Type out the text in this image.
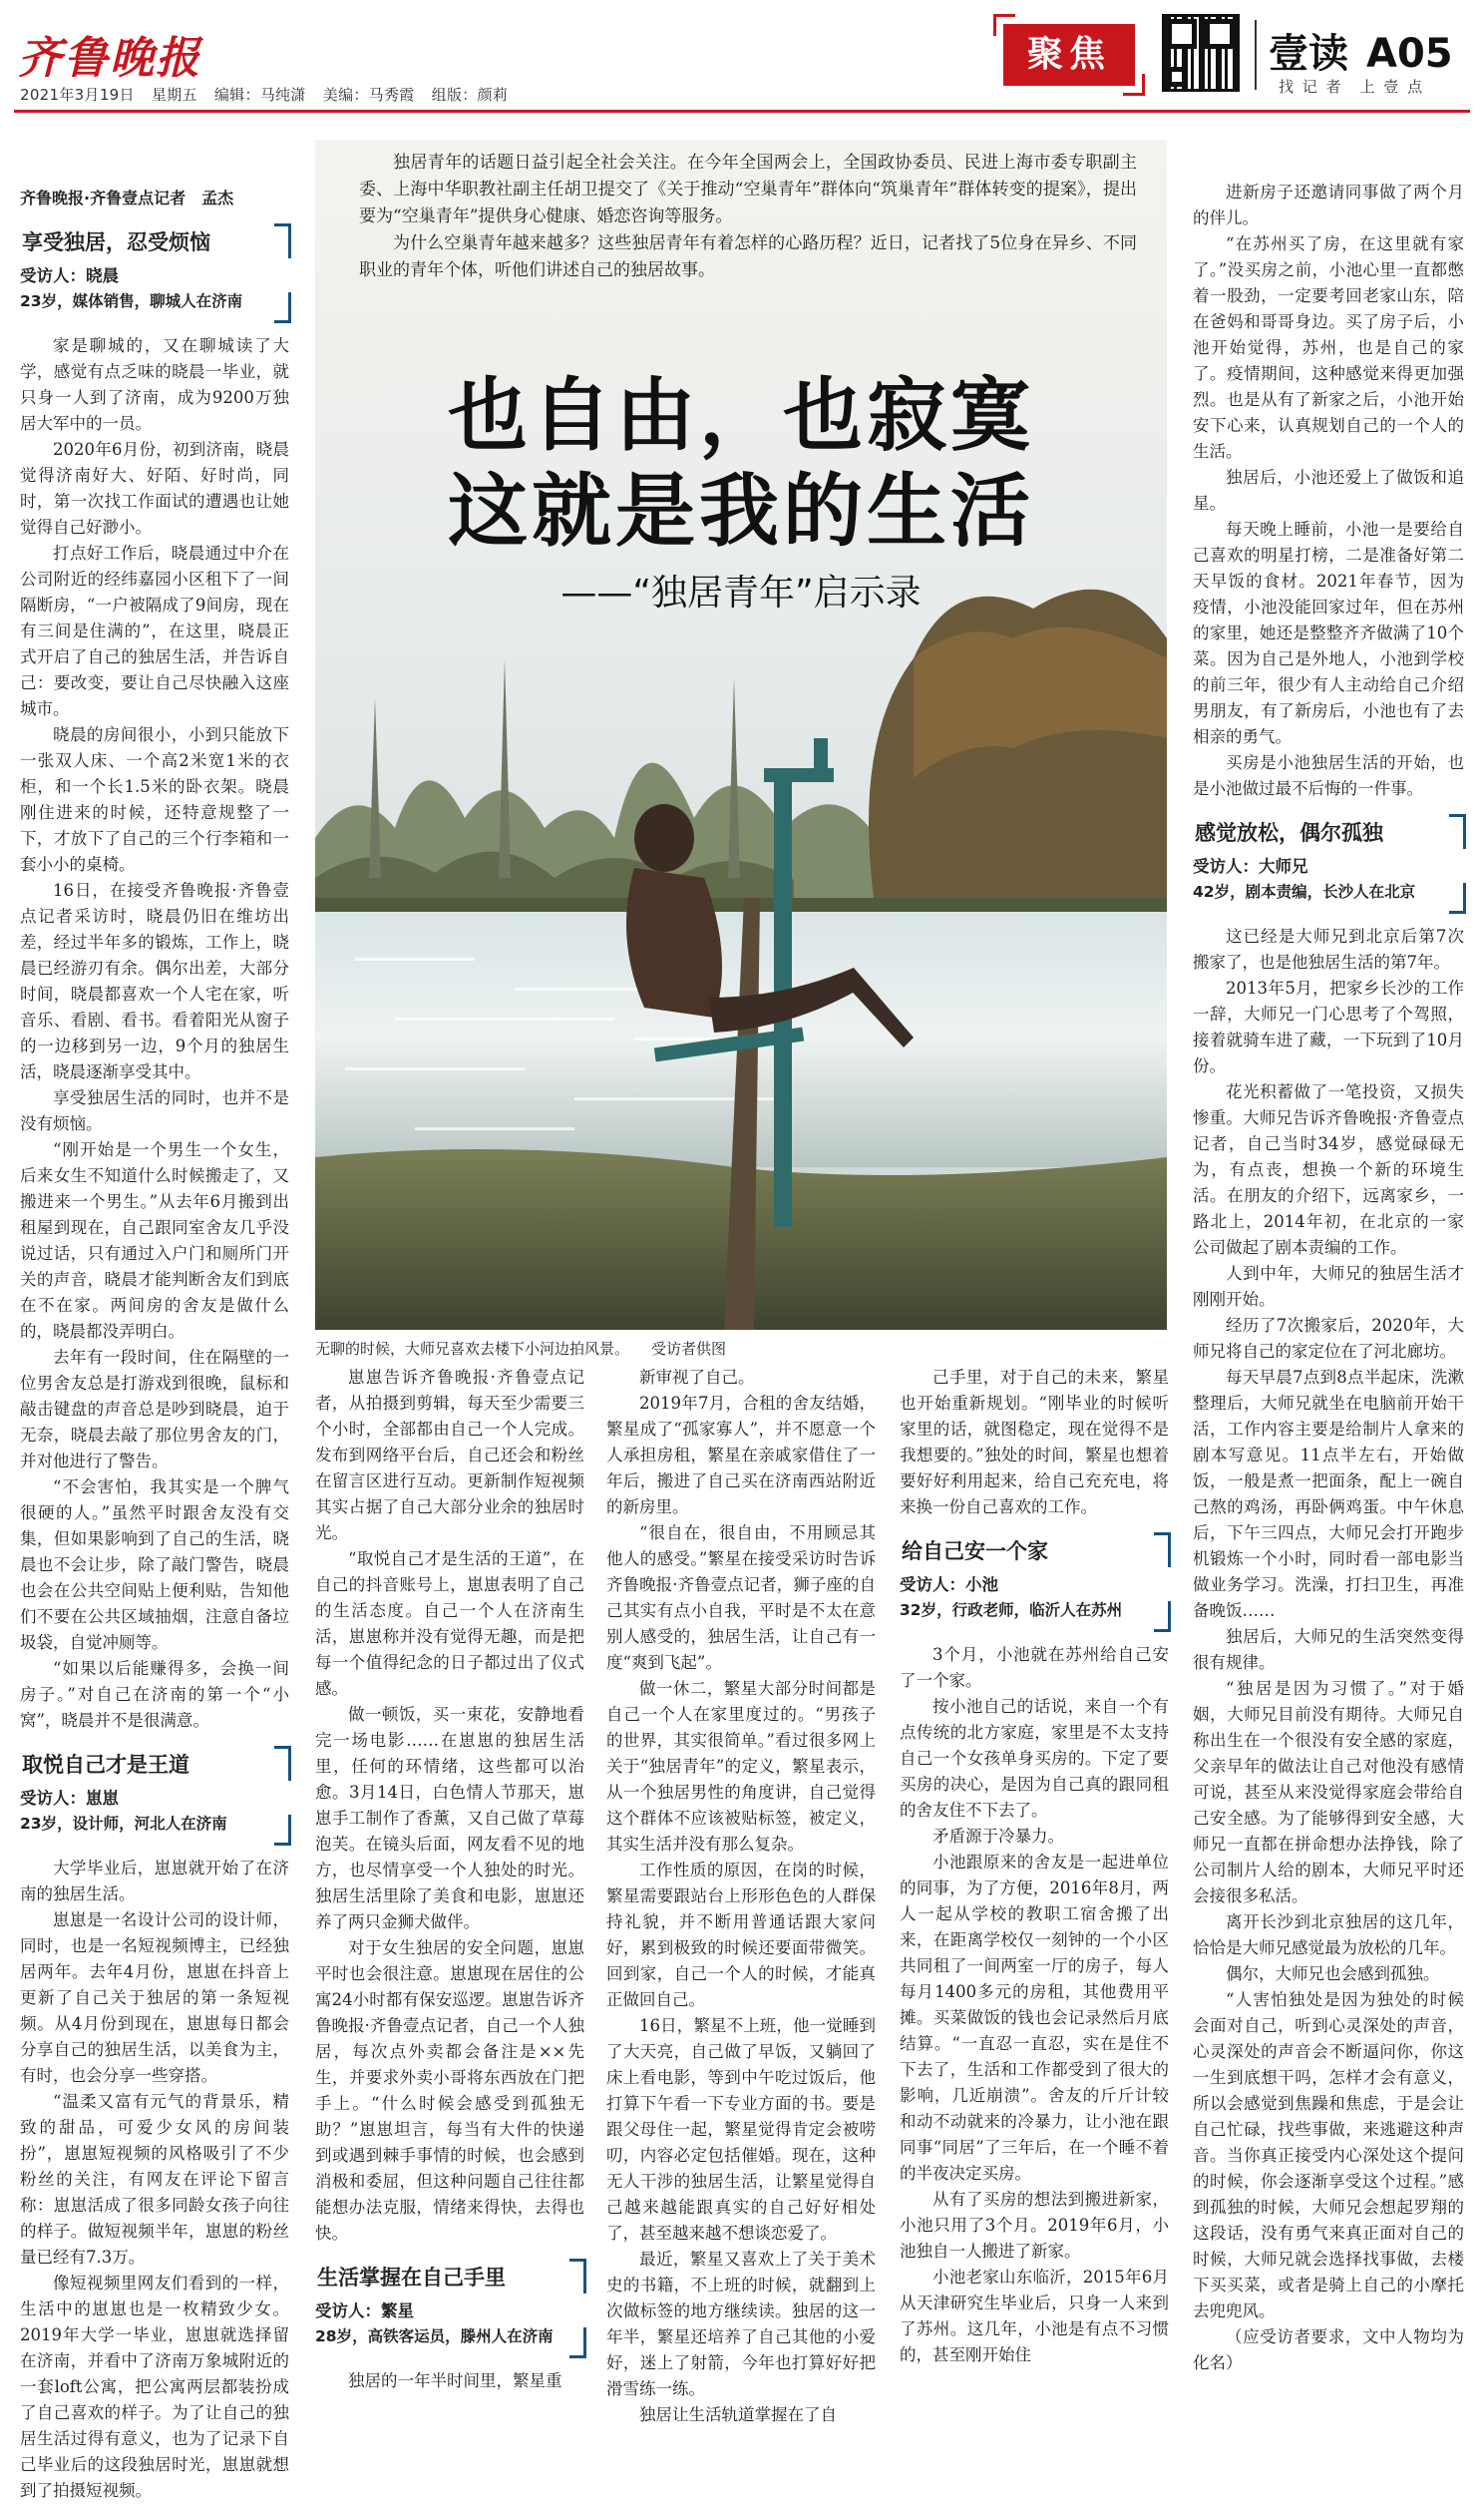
齐鲁晚报
2021年3月19日 星期五 编辑：马纯潇 美编：马秀霞 组版：颜莉
聚焦	壹读 A05
找 记 者　上 壹 点

独居青年的话题日益引起全社会关注。在今年全国两会上，全国政协委员、民进上海市委专职副主委、上海中华职教社副主任胡卫提交了《关于推动“空巢青年”群体向“筑巢青年”群体转变的提案》，提出要为“空巢青年”提供身心健康、婚恋咨询等服务。

为什么空巢青年越来越多？这些独居青年有着怎样的心路历程？近日，记者找了5位身在异乡、不同职业的青年个体，听他们讲述自己的独居故事。

也自由，也寂寞
这就是我的生活
——“独居青年”启示录
无聊的时候，大师兄喜欢去楼下小河边拍风景。 受访者供图

齐鲁晚报·齐鲁壹点记者　孟杰

享受独居，忍受烦恼
受访人：晓晨
23岁，媒体销售，聊城人在济南

家是聊城的，又在聊城读了大学，感觉有点乏味的晓晨一毕业，就只身一人到了济南，成为9200万独居大军中的一员。

2020年6月份，初到济南，晓晨觉得济南好大、好陌、好时尚，同时，第一次找工作面试的遭遇也让她觉得自己好渺小。

打点好工作后，晓晨通过中介在公司附近的经纬嘉园小区租下了一间隔断房，“一户被隔成了9间房，现在有三间是住满的”，在这里，晓晨正式开启了自己的独居生活，并告诉自己：要改变，要让自己尽快融入这座城市。

晓晨的房间很小，小到只能放下一张双人床、一个高2米宽1米的衣柜，和一个长1.5米的卧衣架。晓晨刚住进来的时候，还特意规整了一下，才放下了自己的三个行李箱和一套小小的桌椅。

16日，在接受齐鲁晚报·齐鲁壹点记者采访时，晓晨仍旧在维坊出差，经过半年多的锻炼，工作上，晓晨已经游刃有余。偶尔出差，大部分时间，晓晨都喜欢一个人宅在家，听音乐、看剧、看书。看着阳光从窗子的一边移到另一边，9个月的独居生活，晓晨逐渐享受其中。

享受独居生活的同时，也并不是没有烦恼。

“刚开始是一个男生一个女生，后来女生不知道什么时候搬走了，又搬进来一个男生。”从去年6月搬到出租屋到现在，自己跟同室舍友几乎没说过话，只有通过入户门和厕所门开关的声音，晓晨才能判断舍友们到底在不在家。两间房的舍友是做什么的，晓晨都没弄明白。

去年有一段时间，住在隔壁的一位男舍友总是打游戏到很晚，鼠标和敲击键盘的声音总是吵到晓晨，迫于无奈，晓晨去敲了那位男舍友的门，并对他进行了警告。

“不会害怕，我其实是一个脾气很硬的人。”虽然平时跟舍友没有交集，但如果影响到了自己的生活，晓晨也不会让步，除了敲门警告，晓晨也会在公共空间贴上便利贴，告知他们不要在公共区域抽烟，注意自备垃圾袋，自觉冲厕等。

“如果以后能赚得多，会换一间房子。”对自己在济南的第一个“小窝”，晓晨并不是很满意。

取悦自己才是王道
受访人：崽崽
23岁，设计师，河北人在济南

大学毕业后，崽崽就开始了在济南的独居生活。

崽崽是一名设计公司的设计师，同时，也是一名短视频博主，已经独居两年。去年4月份，崽崽在抖音上更新了自己关于独居的第一条短视频。从4月份到现在，崽崽每日都会分享自己的独居生活，以美食为主，有时，也会分享一些穿搭。

“温柔又富有元气的背景乐，精致的甜品，可爱少女风的房间装扮”，崽崽短视频的风格吸引了不少粉丝的关注，有网友在评论下留言称：崽崽活成了很多同龄女孩子向往的样子。做短视频半年，崽崽的粉丝量已经有7.3万。

像短视频里网友们看到的一样，生活中的崽崽也是一枚精致少女。2019年大学一毕业，崽崽就选择留在济南，并看中了济南万象城附近的一套loft公寓，把公寓两层都装扮成了自己喜欢的样子。为了让自己的独居生活过得有意义，也为了记录下自己毕业后的这段独居时光，崽崽就想到了拍摄短视频。

崽崽告诉齐鲁晚报·齐鲁壹点记者，从拍摄到剪辑，每天至少需要三个小时，全部都由自己一个人完成。发布到网络平台后，自己还会和粉丝在留言区进行互动。更新制作短视频其实占据了自己大部分业余的独居时光。

“取悦自己才是生活的王道”，在自己的抖音账号上，崽崽表明了自己的生活态度。自己一个人在济南生活，崽崽称并没有觉得无趣，而是把每一个值得纪念的日子都过出了仪式感。

做一顿饭，买一束花，安静地看完一场电影……在崽崽的独居生活里，任何的环情绪，这些都可以治愈。3月14日，白色情人节那天，崽崽手工制作了香薰，又自己做了草莓泡芙。在镜头后面，网友看不见的地方，也尽情享受一个人独处的时光。独居生活里除了美食和电影，崽崽还养了两只金狮犬做伴。

对于女生独居的安全问题，崽崽平时也会很注意。崽崽现在居住的公寓24小时都有保安巡逻。崽崽告诉齐鲁晚报·齐鲁壹点记者，自己一个人独居，每次点外卖都会备注是××先生，并要求外卖小哥将东西放在门把手上。“什么时候会感受到孤独无助？”崽崽坦言，每当有大件的快递到或遇到棘手事情的时候，也会感到消极和委屈，但这种问题自己往往都能想办法克服，情绪来得快，去得也快。

生活掌握在自己手里
受访人：繁星
28岁，高铁客运员，滕州人在济南

独居的一年半时间里，繁星重

新审视了自己。

2019年7月，合租的舍友结婚，繁星成了“孤家寡人”，并不愿意一个人承担房租，繁星在亲戚家借住了一年后，搬进了自己买在济南西站附近的新房里。

“很自在，很自由，不用顾忌其他人的感受。”繁星在接受采访时告诉齐鲁晚报·齐鲁壹点记者，狮子座的自己其实有点小自我，平时是不太在意别人感受的，独居生活，让自己有一度“爽到飞起”。

做一休二，繁星大部分时间都是自己一个人在家里度过的。“男孩子的世界，其实很简单。”看过很多网上关于“独居青年”的定义，繁星表示，从一个独居男性的角度讲，自己觉得这个群体不应该被贴标签，被定义，其实生活并没有那么复杂。

工作性质的原因，在岗的时候，繁星需要跟站台上形形色色的人群保持礼貌，并不断用普通话跟大家问好，累到极致的时候还要面带微笑。回到家，自己一个人的时候，才能真正做回自己。

16日，繁星不上班，他一觉睡到了大天亮，自己做了早饭，又躺回了床上看电影，等到中午吃过饭后，他打算下午看一下专业方面的书。要是跟父母住一起，繁星觉得肯定会被唠叨，内容必定包括催婚。现在，这种无人干涉的独居生活，让繁星觉得自己越来越能跟真实的自己好好相处了，甚至越来越不想谈恋爱了。

最近，繁星又喜欢上了关于美术史的书籍，不上班的时候，就翻到上次做标签的地方继续读。独居的这一年半，繁星还培养了自己其他的小爱好，迷上了射箭，今年也打算好好把滑雪练一练。

独居让生活轨道掌握在了自

己手里，对于自己的未来，繁星也开始重新规划。“刚毕业的时候听家里的话，就图稳定，现在觉得不是我想要的。”独处的时间，繁星也想着要好好利用起来，给自己充充电，将来换一份自己喜欢的工作。

给自己安一个家
受访人：小池
32岁，行政老师，临沂人在苏州

3个月，小池就在苏州给自己安了一个家。

按小池自己的话说，来自一个有点传统的北方家庭，家里是不太支持自己一个女孩单身买房的。下定了要买房的决心，是因为自己真的跟同租的舍友住不下去了。

矛盾源于冷暴力。

小池跟原来的舍友是一起进单位的同事，为了方便，2016年8月，两人一起从学校的教职工宿舍搬了出来，在距离学校仅一刻钟的一个小区共同租了一间两室一厅的房子，每人每月1400多元的房租，其他费用平摊。买菜做饭的钱也会记录然后月底结算。“一直忍一直忍，实在是住不下去了，生活和工作都受到了很大的影响，几近崩溃”。舍友的斤斤计较和动不动就来的冷暴力，让小池在跟同事“同居”了三年后，在一个睡不着的半夜决定买房。

从有了买房的想法到搬进新家，小池只用了3个月。2019年6月，小池独自一人搬进了新家。

小池老家山东临沂，2015年6月从天津研究生毕业后，只身一人来到了苏州。这几年，小池是有点不习惯的，甚至刚开始住

进新房子还邀请同事做了两个月的伴儿。

“在苏州买了房，在这里就有家了。”没买房之前，小池心里一直都憋着一股劲，一定要考回老家山东，陪在爸妈和哥哥身边。买了房子后，小池开始觉得，苏州，也是自己的家了。疫情期间，这种感觉来得更加强烈。也是从有了新家之后，小池开始安下心来，认真规划自己的一个人的生活。

独居后，小池还爱上了做饭和追星。

每天晚上睡前，小池一是要给自己喜欢的明星打榜，二是准备好第二天早饭的食材。2021年春节，因为疫情，小池没能回家过年，但在苏州的家里，她还是整整齐齐做满了10个菜。因为自己是外地人，小池到学校的前三年，很少有人主动给自己介绍男朋友，有了新房后，小池也有了去相亲的勇气。

买房是小池独居生活的开始，也是小池做过最不后悔的一件事。

感觉放松，偶尔孤独
受访人：大师兄
42岁，剧本责编，长沙人在北京

这已经是大师兄到北京后第7次搬家了，也是他独居生活的第7年。

2013年5月，把家乡长沙的工作一辞，大师兄一门心思考了个驾照，接着就骑车进了藏，一下玩到了10月份。

花光积蓄做了一笔投资，又损失惨重。大师兄告诉齐鲁晚报·齐鲁壹点记者，自己当时34岁，感觉碌碌无为，有点丧，想换一个新的环境生活。在朋友的介绍下，远离家乡，一路北上，2014年初，在北京的一家公司做起了剧本责编的工作。

人到中年，大师兄的独居生活才刚刚开始。

经历了7次搬家后，2020年，大师兄将自己的家定位在了河北廊坊。

每天早晨7点到8点半起床，洗漱整理后，大师兄就坐在电脑前开始干活，工作内容主要是给制片人拿来的剧本写意见。11点半左右，开始做饭，一般是煮一把面条，配上一碗自己熬的鸡汤，再卧俩鸡蛋。中午休息后，下午三四点，大师兄会打开跑步机锻炼一个小时，同时看一部电影当做业务学习。洗澡，打扫卫生，再准备晚饭……

独居后，大师兄的生活突然变得很有规律。

“独居是因为习惯了。”对于婚姻，大师兄目前没有期待。大师兄自称出生在一个很没有安全感的家庭，父亲早年的做法让自己对他没有感情可说，甚至从来没觉得家庭会带给自己安全感。为了能够得到安全感，大师兄一直都在拼命想办法挣钱，除了公司制片人给的剧本，大师兄平时还会接很多私活。

离开长沙到北京独居的这几年，恰恰是大师兄感觉最为放松的几年。

偶尔，大师兄也会感到孤独。

“人害怕独处是因为独处的时候会面对自己，听到心灵深处的声音，心灵深处的声音会不断逼问你，你这一生到底想干吗，怎样才会有意义，所以会感觉到焦躁和焦虑，于是会让自己忙碌，找些事做，来逃避这种声音。当你真正接受内心深处这个提问的时候，你会逐渐享受这个过程。”感到孤独的时候，大师兄会想起罗翔的这段话，没有勇气来真正面对自己的时候，大师兄就会选择找事做，去楼下买买菜，或者是骑上自己的小摩托去兜兜风。

（应受访者要求，文中人物均为化名）
